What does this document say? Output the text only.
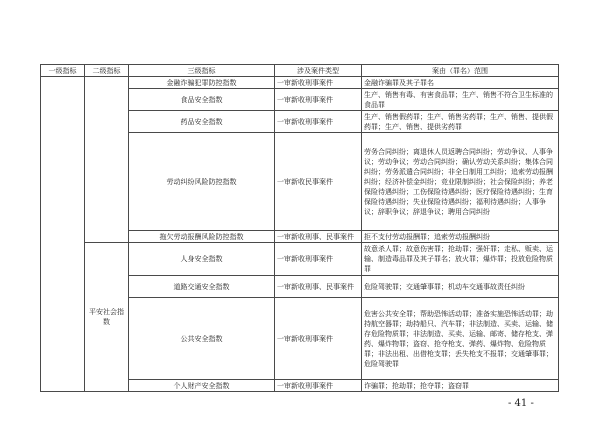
一级指标	二级指标	三级指标	涉及案件类型	案由（罪名）范围
		金融诈骗犯罪防控指数	一审新收刑事案件	金融诈骗罪及其子罪名
		食品安全指数	一审新收刑事案件	生产、销售有毒、有害食品罪；生产、销售不符合卫生标准的食品罪
		药品安全指数	一审新收刑事案件	生产、销售假药罪；生产、销售劣药罪；生产、销售、提供假药罪；生产、销售、提供劣药罪
		劳动纠纷风险防控指数	一审新收民事案件	劳务合同纠纷；离退休人员返聘合同纠纷；劳动争议、人事争议；劳动争议；劳动合同纠纷；确认劳动关系纠纷；集体合同纠纷；劳务派遣合同纠纷；非全日制用工纠纷；追索劳动报酬纠纷；经济补偿金纠纷；竞业限制纠纷；社会保险纠纷；养老保险待遇纠纷；工伤保险待遇纠纷；医疗保险待遇纠纷；生育保险待遇纠纷；失业保险待遇纠纷；福利待遇纠纷；人事争议；辞职争议；辞退争议；聘用合同纠纷
		拖欠劳动报酬风险防控指数	一审新收刑事、民事案件	拒不支付劳动报酬罪；追索劳动报酬纠纷
	平安社会指数	人身安全指数	一审新收刑事案件	故意杀人罪；故意伤害罪；抢劫罪；强奸罪；走私、贩卖、运输、制造毒品罪及其子罪名；放火罪；爆炸罪；投放危险物质罪
		道路交通安全指数	一审新收刑事、民事案件	危险驾驶罪；交通肇事罪；机动车交通事故责任纠纷
		公共安全指数	一审新收刑事案件	危害公共安全罪；帮助恐怖活动罪；准备实施恐怖活动罪；劫持航空器罪；劫持船只、汽车罪；非法制造、买卖、运输、储存危险物质罪；非法制造、买卖、运输、邮寄、储存枪支、弹药、爆炸物罪；盗窃、抢夺枪支、弹药、爆炸物、危险物质罪；非法出租、出借枪支罪；丢失枪支不报罪；交通肇事罪；危险驾驶罪
		个人财产安全指数	一审新收刑事案件	诈骗罪；抢劫罪；抢夺罪；盗窃罪
- 41 -
